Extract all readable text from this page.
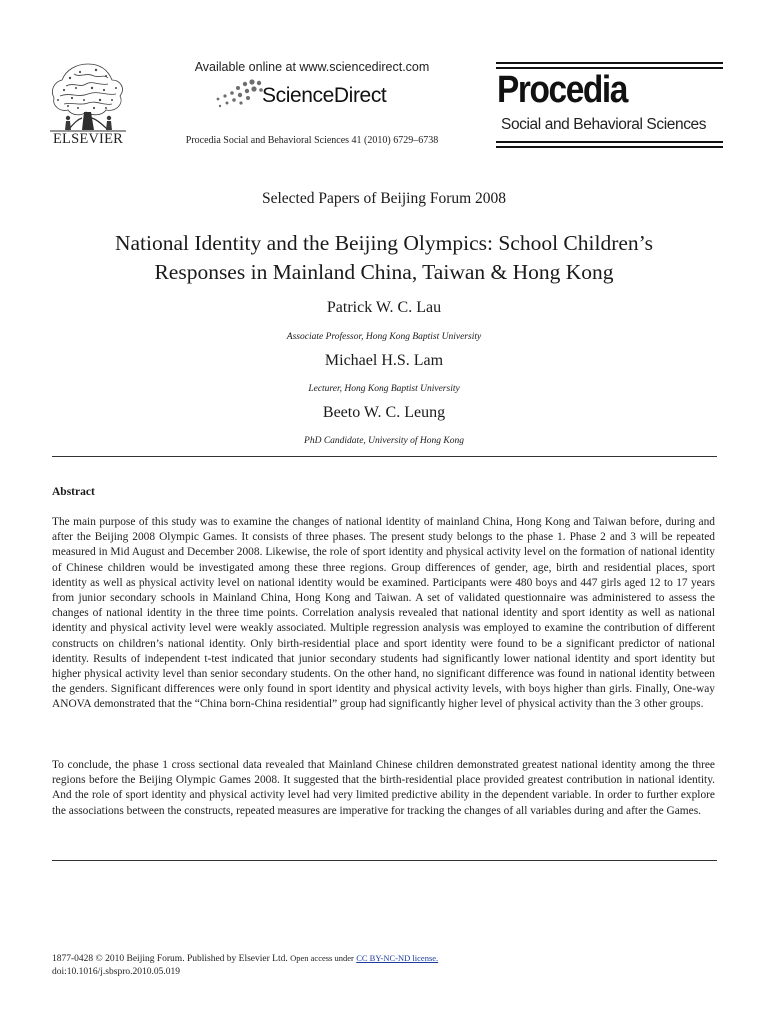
ELSEVIER
Available online at www.sciencedirect.com
ScienceDirect
Procedia Social and Behavioral Sciences 41 (2010) 6729–6738
Procedia
Social and Behavioral Sciences
Selected Papers of Beijing Forum 2008
National Identity and the Beijing Olympics: School Children’s
Responses in Mainland China, Taiwan & Hong Kong
Patrick W. C. Lau
Associate Professor, Hong Kong Baptist University
Michael H.S. Lam
Lecturer, Hong Kong Baptist University
Beeto W. C. Leung
PhD Candidate, University of Hong Kong
Abstract

The main purpose of this study was to examine the changes of national identity of mainland China, Hong Kong and Taiwan before, during and after the Beijing 2008 Olympic Games. It consists of three phases. The present study belongs to the phase 1. Phase 2 and 3 will be repeated measured in Mid August and December 2008. Likewise, the role of sport identity and physical activity level on the formation of national identity of Chinese children would be investigated among these three regions. Group differences of gender, age, birth and residential places, sport identity as well as physical activity level on national identity would be examined. Participants were 480 boys and 447 girls aged 12 to 17 years from junior secondary schools in Mainland China, Hong Kong and Taiwan. A set of validated questionnaire was administered to assess the changes of national identity in the three time points. Correlation analysis revealed that national identity and sport identity as well as national identity and physical activity level were weakly associated. Multiple regression analysis was employed to examine the contribution of different constructs on children’s national identity. Only birth-residential place and sport identity were found to be a significant predictor of national identity. Results of independent t-test indicated that junior secondary students had significantly lower national identity and sport identity but higher physical activity level than senior secondary students. On the other hand, no significant difference was found in national identity between the genders. Significant differences were only found in sport identity and physical activity levels, with boys higher than girls. Finally, One-way ANOVA demonstrated that the “China born-China residential” group had significantly higher level of physical activity than the 3 other groups.

To conclude, the phase 1 cross sectional data revealed that Mainland Chinese children demonstrated greatest national identity among the three regions before the Beijing Olympic Games 2008. It suggested that the birth-residential place provided greatest contribution in national identity. And the role of sport identity and physical activity level had very limited predictive ability in the dependent variable. In order to further explore the associations between the constructs, repeated measures are imperative for tracking the changes of all variables during and after the Games.

1877-0428 © 2010 Beijing Forum. Published by Elsevier Ltd. Open access under CC BY-NC-ND license.
doi:10.1016/j.sbspro.2010.05.019
